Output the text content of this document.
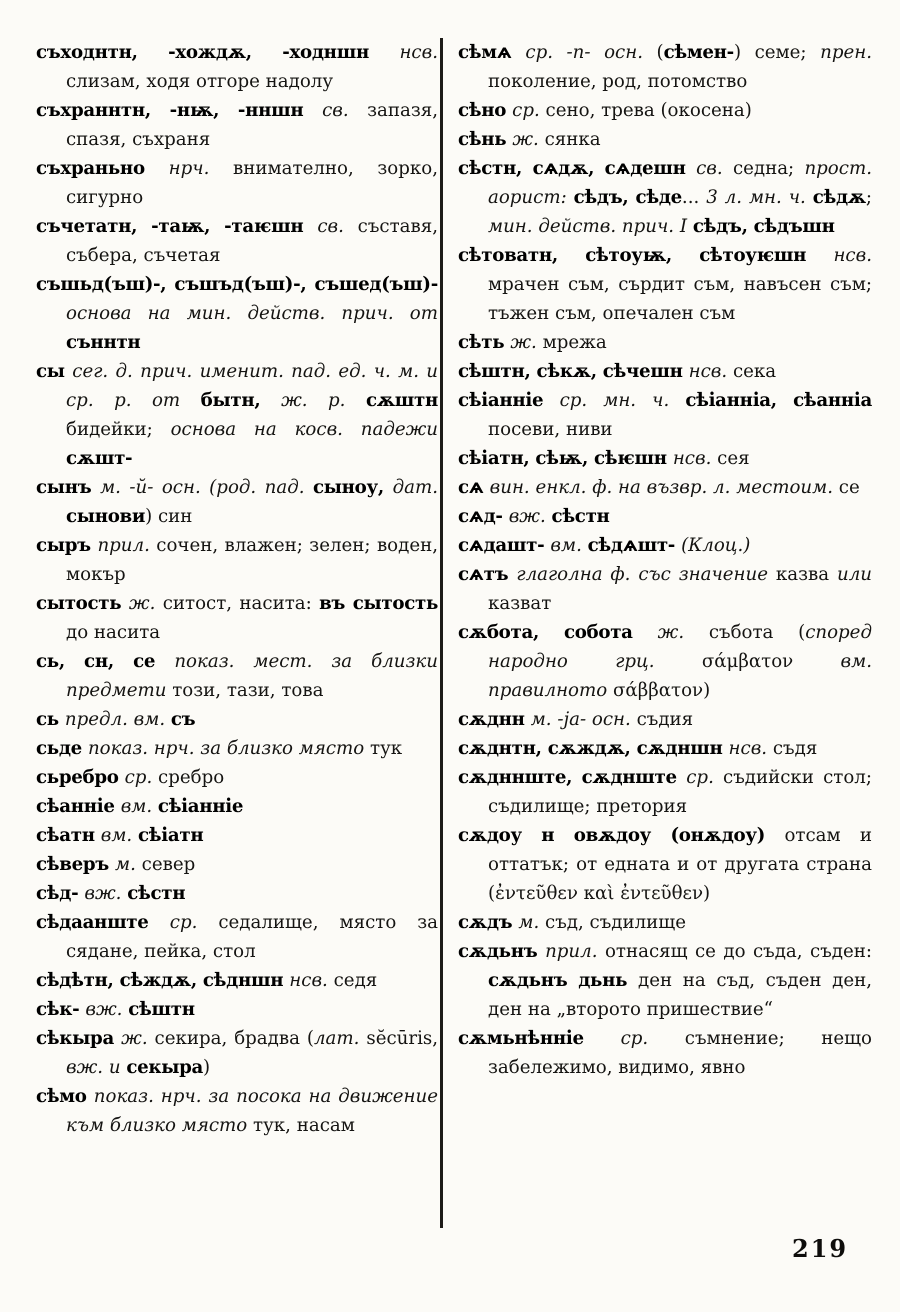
съходнтн, -хождѫ, -ходншн нсв. слизам, ходя отгоре надолу
съхраннтн, -нѭ, -нншн св. запазя, спазя, съхраня
съхраньно нрч. внимателно, зорко, сигурно
съчетатн, -таѭ, -таѥшн св. съставя, събера, съчетая
съшьд(ъш)-, съшъд(ъш)-, съшед(ъш)- основа на мин. действ. прич. от съннтн
сы сег. д. прич. именит. пад. ед. ч. м. и ср. р. от бытн, ж. р. сѫштн бидейки; основа на косв. падежи сѫшт-
сынъ м. -ŭ- осн. (род. пад. сыноу, дат. сынови) син
сыръ прил. сочен, влажен; зелен; воден, мокър
сытость ж. ситост, насита: въ сытость до насита
сь, сн, се показ. мест. за близки предмети този, тази, това
сь предл. вм. съ
сьде показ. нрч. за близко място тук
сьребро ср. сребро
сѣанніе вм. сѣіанніе
сѣатн вм. сѣіатн
сѣверъ м. север
сѣд- вж. сѣстн
сѣдаанште ср. седалище, място за сядане, пейка, стол
сѣдѣтн, сѣждѫ, сѣдншн нсв. седя
сѣк- вж. сѣштн
сѣкыра ж. секира, брадва (лат. sĕcūris, вж. и секыра)
сѣмо показ. нрч. за посока на движение към близко място тук, насам
сѣмѧ ср. -n- осн. (сѣмен-) семе; прен. поколение, род, потомство
сѣно ср. сено, трева (окосена)
сѣнь ж. сянка
сѣстн, сѧдѫ, сѧдешн св. седна; прост. аорист: сѣдъ, сѣде... 3 л. мн. ч. сѣдѫ; мин. действ. прич. I сѣдъ, сѣдъшн
сѣтоватн, сѣтоуѭ, сѣтоуѥшн нсв. мрачен съм, сърдит съм, навъсен съм; тъжен съм, опечален съм
сѣть ж. мрежа
сѣштн, сѣкѫ, сѣчешн нсв. сека
сѣіанніе ср. мн. ч. сѣіанніа, сѣанніа посеви, ниви
сѣіатн, сѣѭ, сѣѥшн нсв. сея
сѧ вин. енкл. ф. на възвр. л. местоим. се
сѧд- вж. сѣстн
сѧдашт- вм. сѣдѧшт- (Клоц.)
сѧтъ глаголна ф. със значение казва или казват
сѫбота, собота ж. събота (според народно грц. σάμβατον вм. правилното σάββατον)
сѫднн м. -ja- осн. съдия
сѫднтн, сѫждѫ, сѫдншн нсв. съдя
сѫдннште, сѫднште ср. съдийски стол; съдилище; претория
сѫдоу н овѫдоу (онѫдоу) отсам и оттатък; от едната и от другата страна (ἐντεῦθεν καὶ ἐντεῦθεν)
сѫдъ м. съд, съдилище
сѫдьнъ прил. отнасящ се до съда, съден: сѫдьнъ дьнь ден на съд, съден ден, ден на „второто пришествие“
сѫмьнѣнніе ср. съмнение; нещо забележимо, видимо, явно
219
